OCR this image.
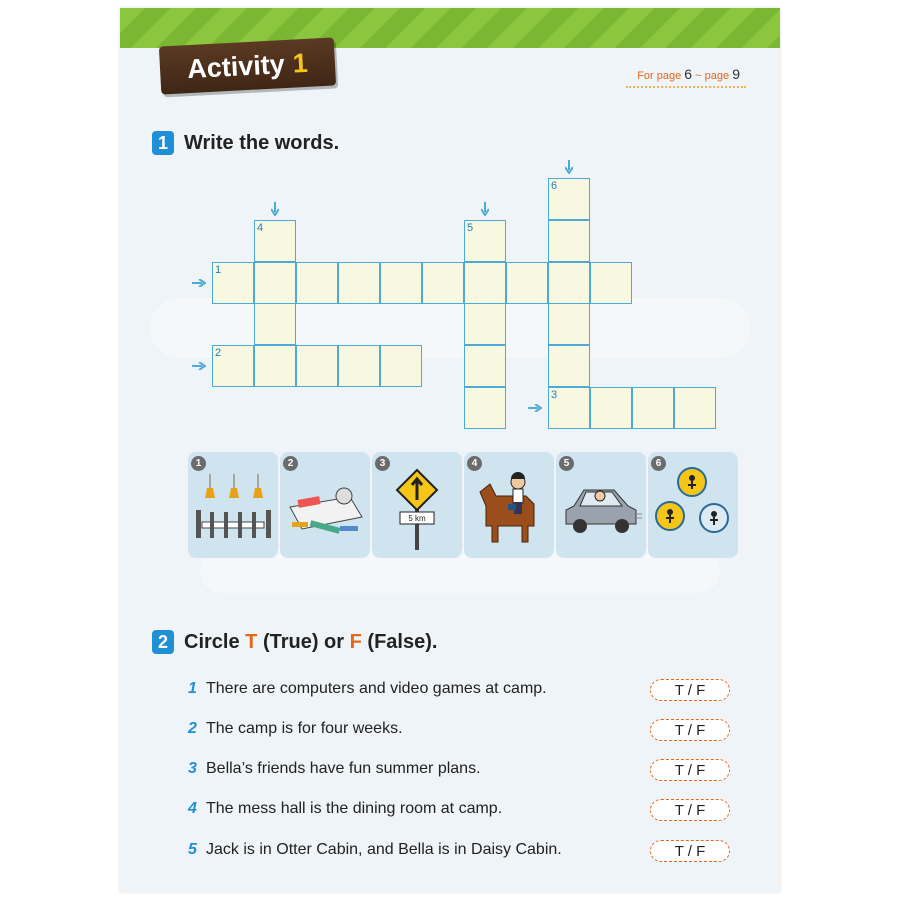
Activity 1	For page 6 ~ page 9
1 Write the words.
1
2
4	5
6
3
1	2	3
5 km
4	5	6
2 Circle T (True) or F (False).
1 There are computers and video games at camp.	T / F
2 The camp is for four weeks.	T / F
3 Bella’s friends have fun summer plans.	T / F
4 The mess hall is the dining room at camp.	T / F
5 Jack is in Otter Cabin, and Bella is in Daisy Cabin.	T / F
